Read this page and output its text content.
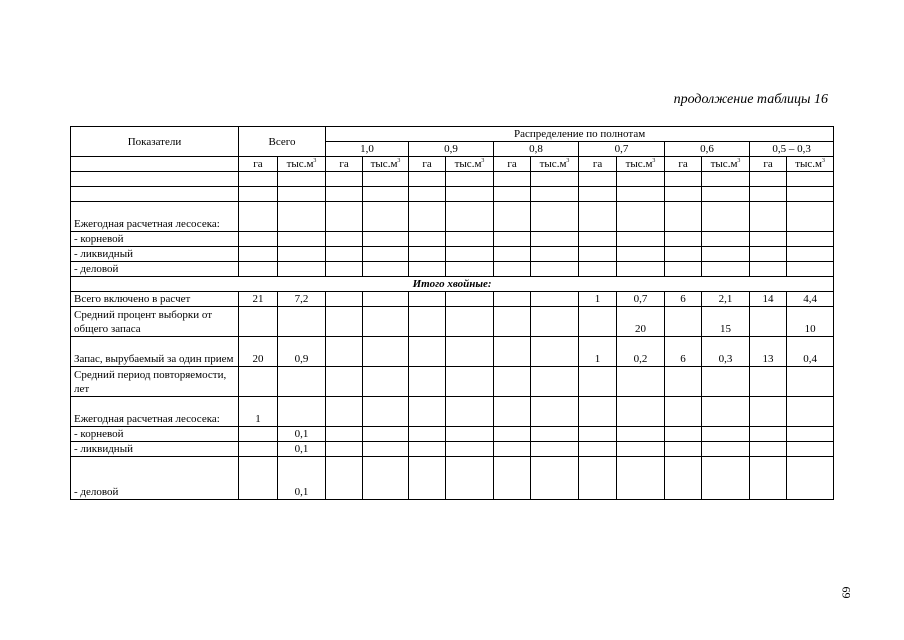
продолжение таблицы 16
Показатели	Всего		Распределение по полнотам											
			1,0		0,9		0,8		0,7		0,6		0,5 – 0,3	
	га	$тыс.м^3$	га	$тыс.м^3$	га	$тыс.м^3$	га	$тыс.м^3$	га	$тыс.м^3$	га	$тыс.м^3$	га	$тыс.м^3$

Ежегодная расчетная лесосека:														
- корневой														
- ликвидный														
- деловой														
Итого хвойные:														
Всего включено в расчет	21	7,2							1	0,7	6	2,1	14	4,4
Средний процент выборки от общего запаса										20		15		10
Запас, вырубаемый за один прием	20	0,9							1	0,2	6	0,3	13	0,4
Средний период повторяемости, лет														
Ежегодная расчетная лесосека:	1													
- корневой		0,1												
- ликвидный		0,1												
- деловой		0,1												
69
